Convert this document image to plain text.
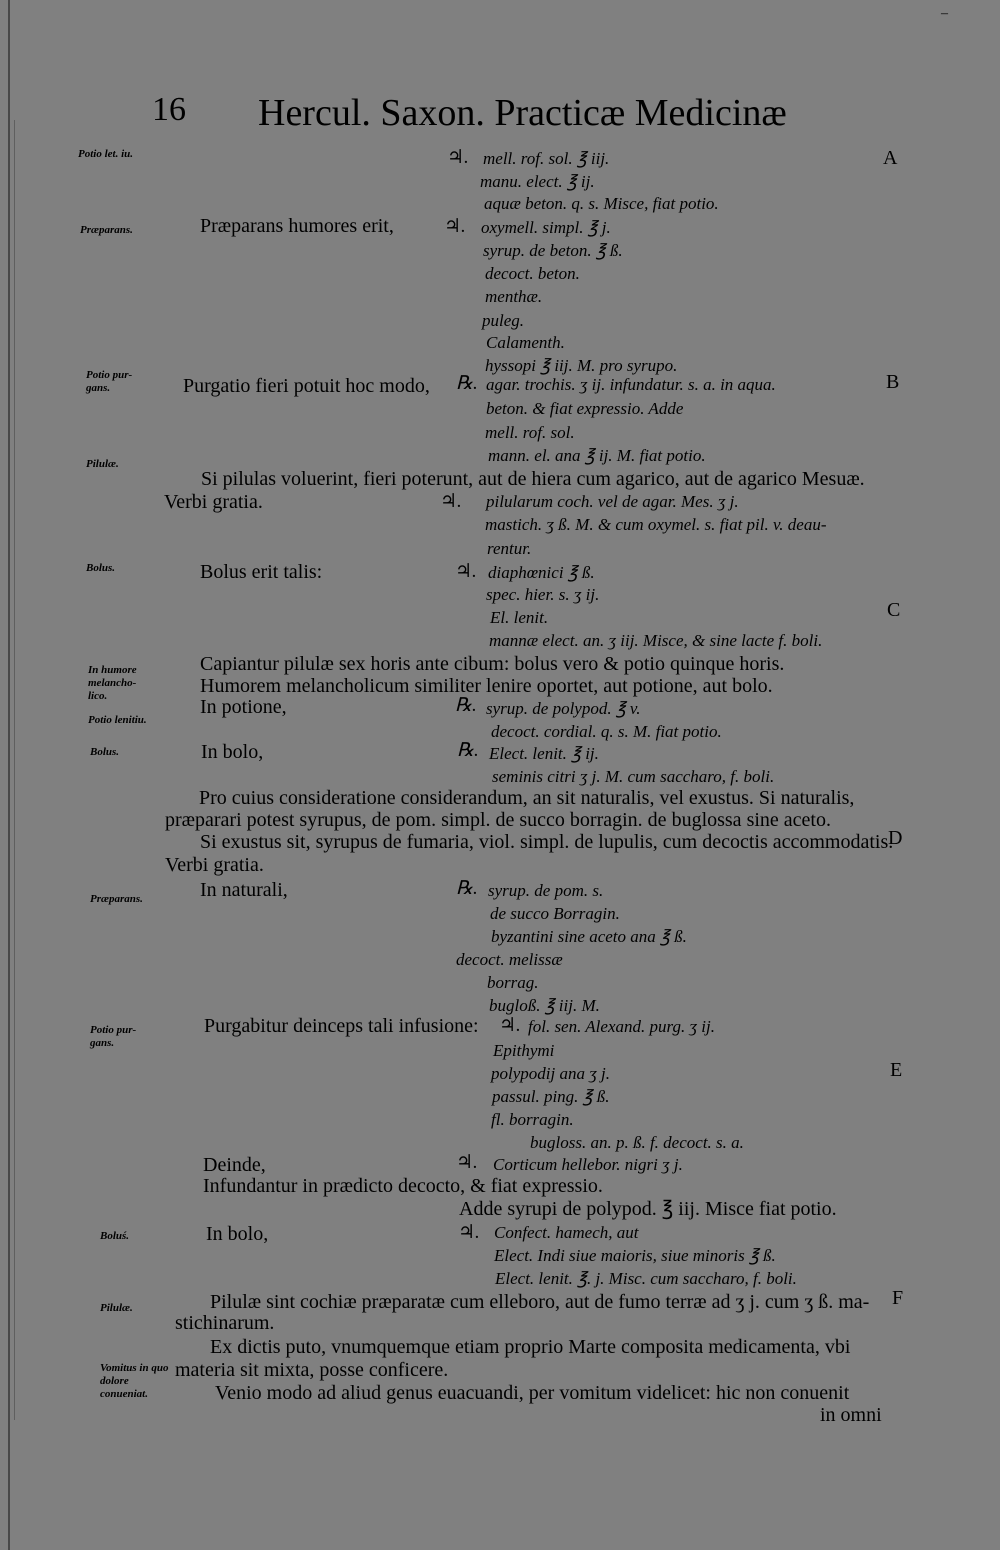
–
16 Hercul. Saxon. Practicæ Medicinæ
Potio let. iu.
Præparans.
Potio pur- gans.
Pilulæ.
Bolus.
In humore melancho- lico.
Potio lenitiu.
Bolus.
Præparans.
Potio pur- gans.
Boluś.
Pilulæ.
Vomitus in quo dolore conueniat.
A
B
C
D
E
F
♃.
♃.
℞.
♃.
♃.
℞.
℞.
℞.
♃.
♃.
♃.
mell. rof. sol. ℥ iij.
manu. elect. ℥ ij.
aquæ beton. q. s. Misce, fiat potio.
Præparans humores erit,	oxymell. simpl. ℥ j.
syrup. de beton. ℥ ß.
decoct. beton.
menthæ.
puleg.
Calamenth.
hyssopi ℥ iij. M. pro syrupo.
Purgatio fieri potuit hoc modo,	agar. trochis. ʒ ij. infundatur. s. a. in aqua.
beton. & fiat expressio. Adde
mell. rof. sol.
mann. el. ana ℥ ij. M. fiat potio.
Si pilulas voluerint, fieri poterunt, aut de hiera cum agarico, aut de agarico Mesuæ.
Verbi gratia.	pilularum coch. vel de agar. Mes. ʒ j.
mastich. ʒ ß. M. & cum oxymel. s. fiat pil. v. deau-
rentur.
Bolus erit talis:	diaphœnici ℥ ß.
spec. hier. s. ʒ ij.
El. lenit.
mannæ elect. an. ʒ iij. Misce, & sine lacte f. boli.
Capiantur pilulæ sex horis ante cibum: bolus vero & potio quinque horis.
Humorem melancholicum similiter lenire oportet, aut potione, aut bolo.
In potione,	syrup. de polypod. ℥ v.
decoct. cordial. q. s. M. fiat potio.
In bolo,	Elect. lenit. ℥ ij.
seminis citri ʒ j. M. cum saccharo, f. boli.
Pro cuius consideratione considerandum, an sit naturalis, vel exustus. Si naturalis,
præparari potest syrupus, de pom. simpl. de succo borragin. de buglossa sine aceto.
Si exustus sit, syrupus de fumaria, viol. simpl. de lupulis, cum decoctis accommodatis.
Verbi gratia.
In naturali,	syrup. de pom. s.
de succo Borragin.
byzantini sine aceto ana ℥ ß.
decoct. melissæ
borrag.
bugloß. ℥ iij. M.
Purgabitur deinceps tali infusione:	fol. sen. Alexand. purg. ʒ ij.
Epithymi
polypodij ana ʒ j.
passul. ping. ℥ ß.
fl. borragin.
bugloss. an. p. ß. f. decoct. s. a.
Deinde,	Corticum hellebor. nigri ʒ j.
Infundantur in prædicto decocto, & fiat expressio.
Adde syrupi de polypod. ℥ iij. Misce fiat potio.
In bolo,	Confect. hamech, aut
Elect. Indi siue maioris, siue minoris ℥ ß.
Elect. lenit. ℥. j. Misc. cum saccharo, f. boli.
Pilulæ sint cochiæ præparatæ cum elleboro, aut de fumo terræ ad ʒ j. cum ʒ ß. ma-
stichinarum.
Ex dictis puto, vnumquemque etiam proprio Marte composita medicamenta, vbi
materia sit mixta, posse conficere.
Venio modo ad aliud genus euacuandi, per vomitum videlicet: hic non conuenit
in omni
